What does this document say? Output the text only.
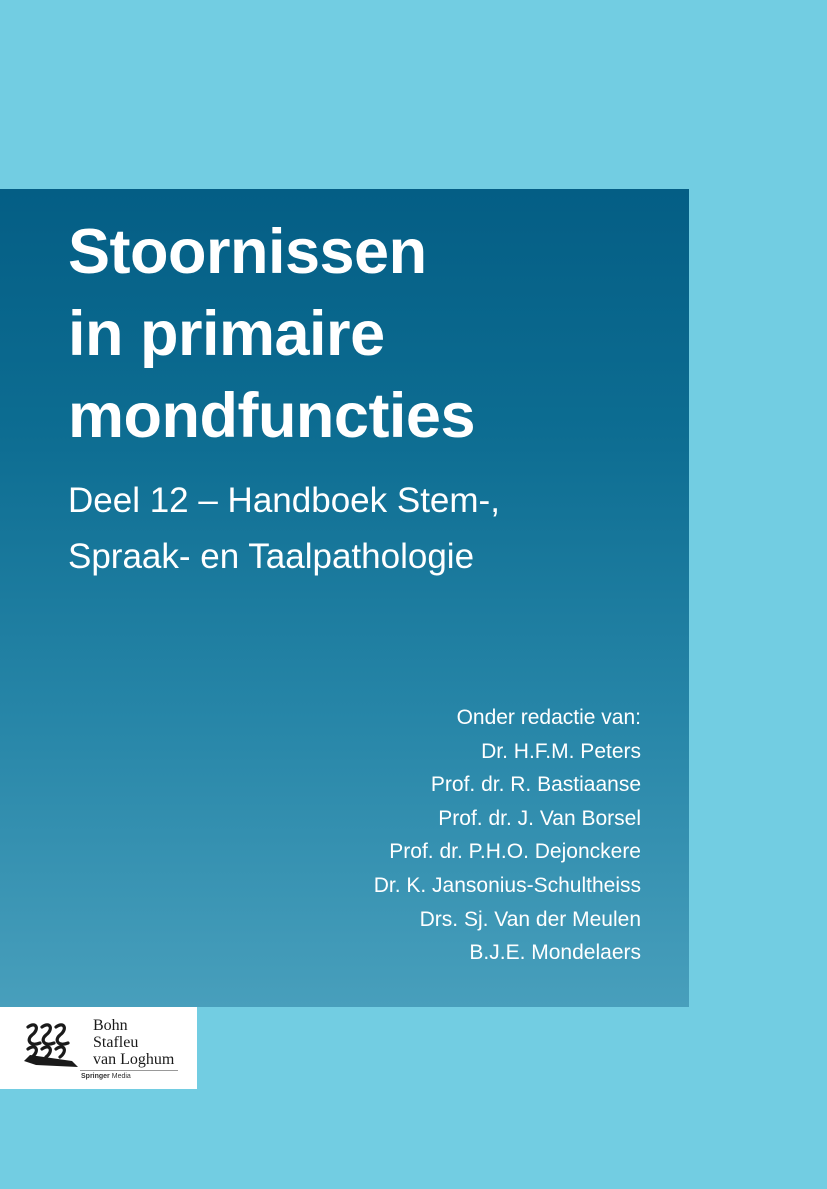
Stoornissen
in primaire
mondfuncties
Deel 12 – Handboek Stem-,
Spraak- en Taalpathologie
Onder redactie van:
Dr. H.F.M. Peters
Prof. dr. R. Bastiaanse
Prof. dr. J. Van Borsel
Prof. dr. P.H.O. Dejonckere
Dr. K. Jansonius-Schultheiss
Drs. Sj. Van der Meulen
B.J.E. Mondelaers
Bohn
Stafleu
van Loghum
Springer Media
